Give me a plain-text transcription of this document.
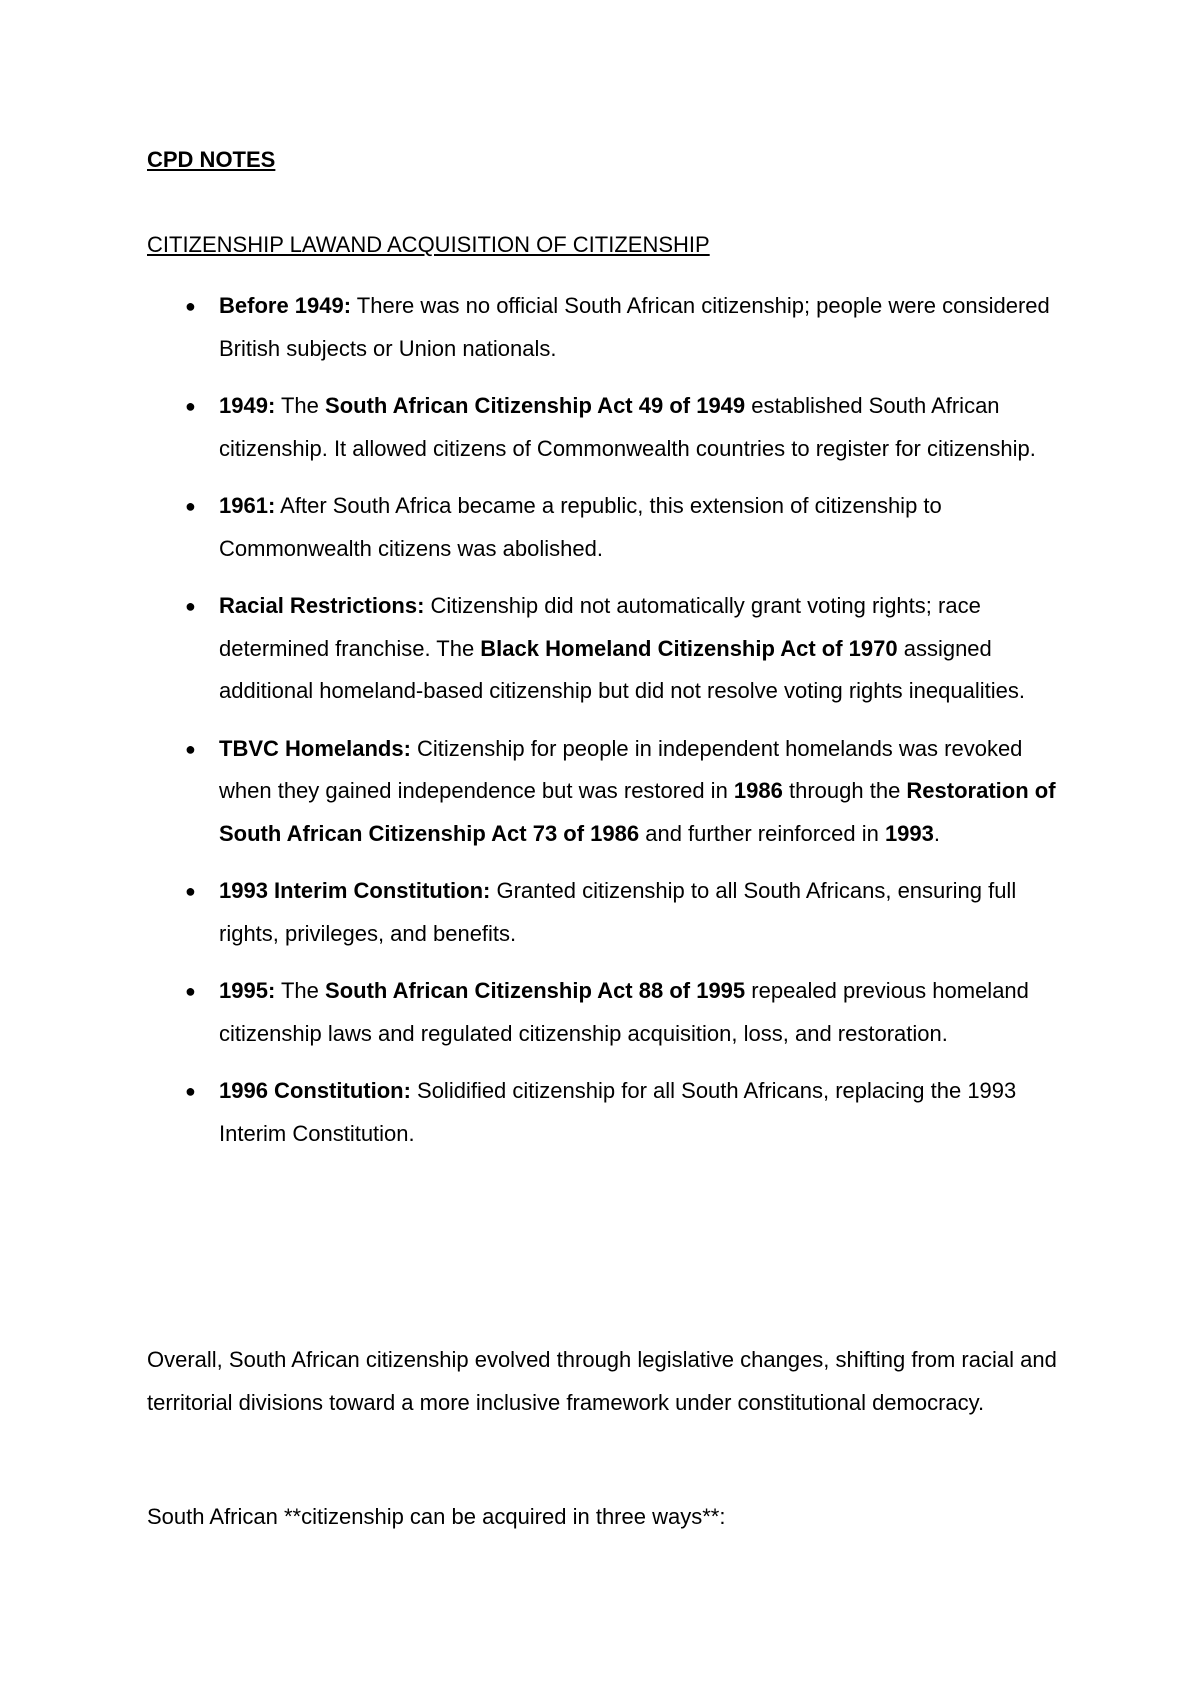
CPD NOTES

CITIZENSHIP LAWAND ACQUISITION OF CITIZENSHIP

● Before 1949: There was no official South African citizenship; people were considered British subjects or Union nationals.
● 1949: The South African Citizenship Act 49 of 1949 established South African citizenship. It allowed citizens of Commonwealth countries to register for citizenship.
● 1961: After South Africa became a republic, this extension of citizenship to Commonwealth citizens was abolished.
● Racial Restrictions: Citizenship did not automatically grant voting rights; race determined franchise. The Black Homeland Citizenship Act of 1970 assigned additional homeland-based citizenship but did not resolve voting rights inequalities.
● TBVC Homelands: Citizenship for people in independent homelands was revoked when they gained independence but was restored in 1986 through the Restoration of South African Citizenship Act 73 of 1986 and further reinforced in 1993.
● 1993 Interim Constitution: Granted citizenship to all South Africans, ensuring full rights, privileges, and benefits.
● 1995: The South African Citizenship Act 88 of 1995 repealed previous homeland citizenship laws and regulated citizenship acquisition, loss, and restoration.
● 1996 Constitution: Solidified citizenship for all South Africans, replacing the 1993 Interim Constitution.

Overall, South African citizenship evolved through legislative changes, shifting from racial and territorial divisions toward a more inclusive framework under constitutional democracy.

South African **citizenship can be acquired in three ways**:
